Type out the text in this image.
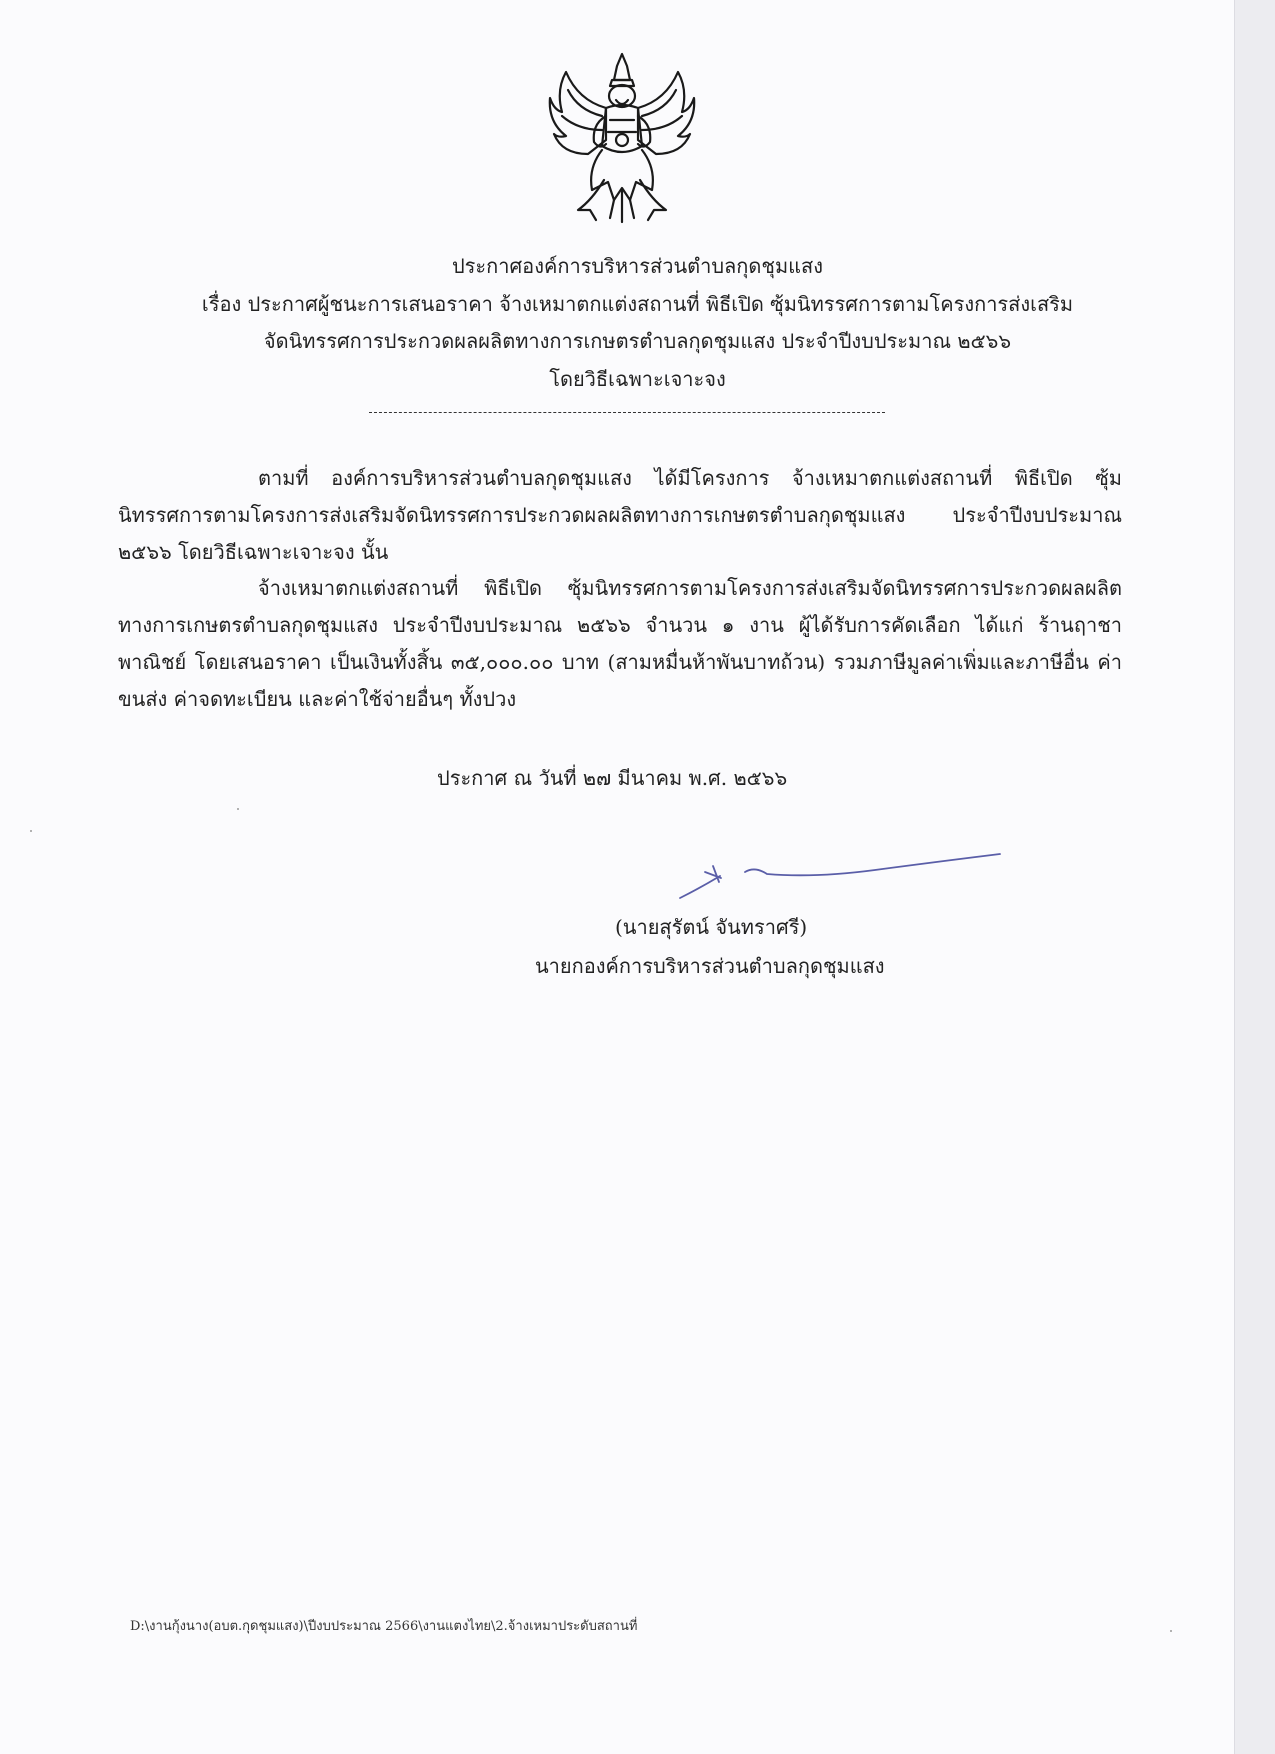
ประกาศองค์การบริหารส่วนตำบลกุดชุมแสง
เรื่อง ประกาศผู้ชนะการเสนอราคา จ้างเหมาตกแต่งสถานที่ พิธีเปิด ซุ้มนิทรรศการตามโครงการส่งเสริม
จัดนิทรรศการประกวดผลผลิตทางการเกษตรตำบลกุดชุมแสง ประจำปีงบประมาณ ๒๕๖๖
โดยวิธีเฉพาะเจาะจง

ตามที่ องค์การบริหารส่วนตำบลกุดชุมแสง ได้มีโครงการ จ้างเหมาตกแต่งสถานที่ พิธีเปิด ซุ้มนิทรรศการตามโครงการส่งเสริมจัดนิทรรศการประกวดผลผลิตทางการเกษตรตำบลกุดชุมแสง ประจำปีงบประมาณ ๒๕๖๖ โดยวิธีเฉพาะเจาะจง นั้น

จ้างเหมาตกแต่งสถานที่ พิธีเปิด ซุ้มนิทรรศการตามโครงการส่งเสริมจัดนิทรรศการประกวดผลผลิตทางการเกษตรตำบลกุดชุมแสง ประจำปีงบประมาณ ๒๕๖๖ จำนวน ๑ งาน ผู้ได้รับการคัดเลือก ได้แก่ ร้านฤาชาพาณิชย์ โดยเสนอราคา เป็นเงินทั้งสิ้น ๓๕,๐๐๐.๐๐ บาท (สามหมื่นห้าพันบาทถ้วน) รวมภาษีมูลค่าเพิ่มและภาษีอื่น ค่าขนส่ง ค่าจดทะเบียน และค่าใช้จ่ายอื่นๆ ทั้งปวง

ประกาศ ณ วันที่ ๒๗ มีนาคม พ.ศ. ๒๕๖๖

(นายสุรัตน์ จันทราศรี)

นายกองค์การบริหารส่วนตำบลกุดชุมแสง

D:\งานกุ้งนาง(อบต.กุดชุมแสง)\ปีงบประมาณ 2566\งานแตงไทย\2.จ้างเหมาประดับสถานที่
